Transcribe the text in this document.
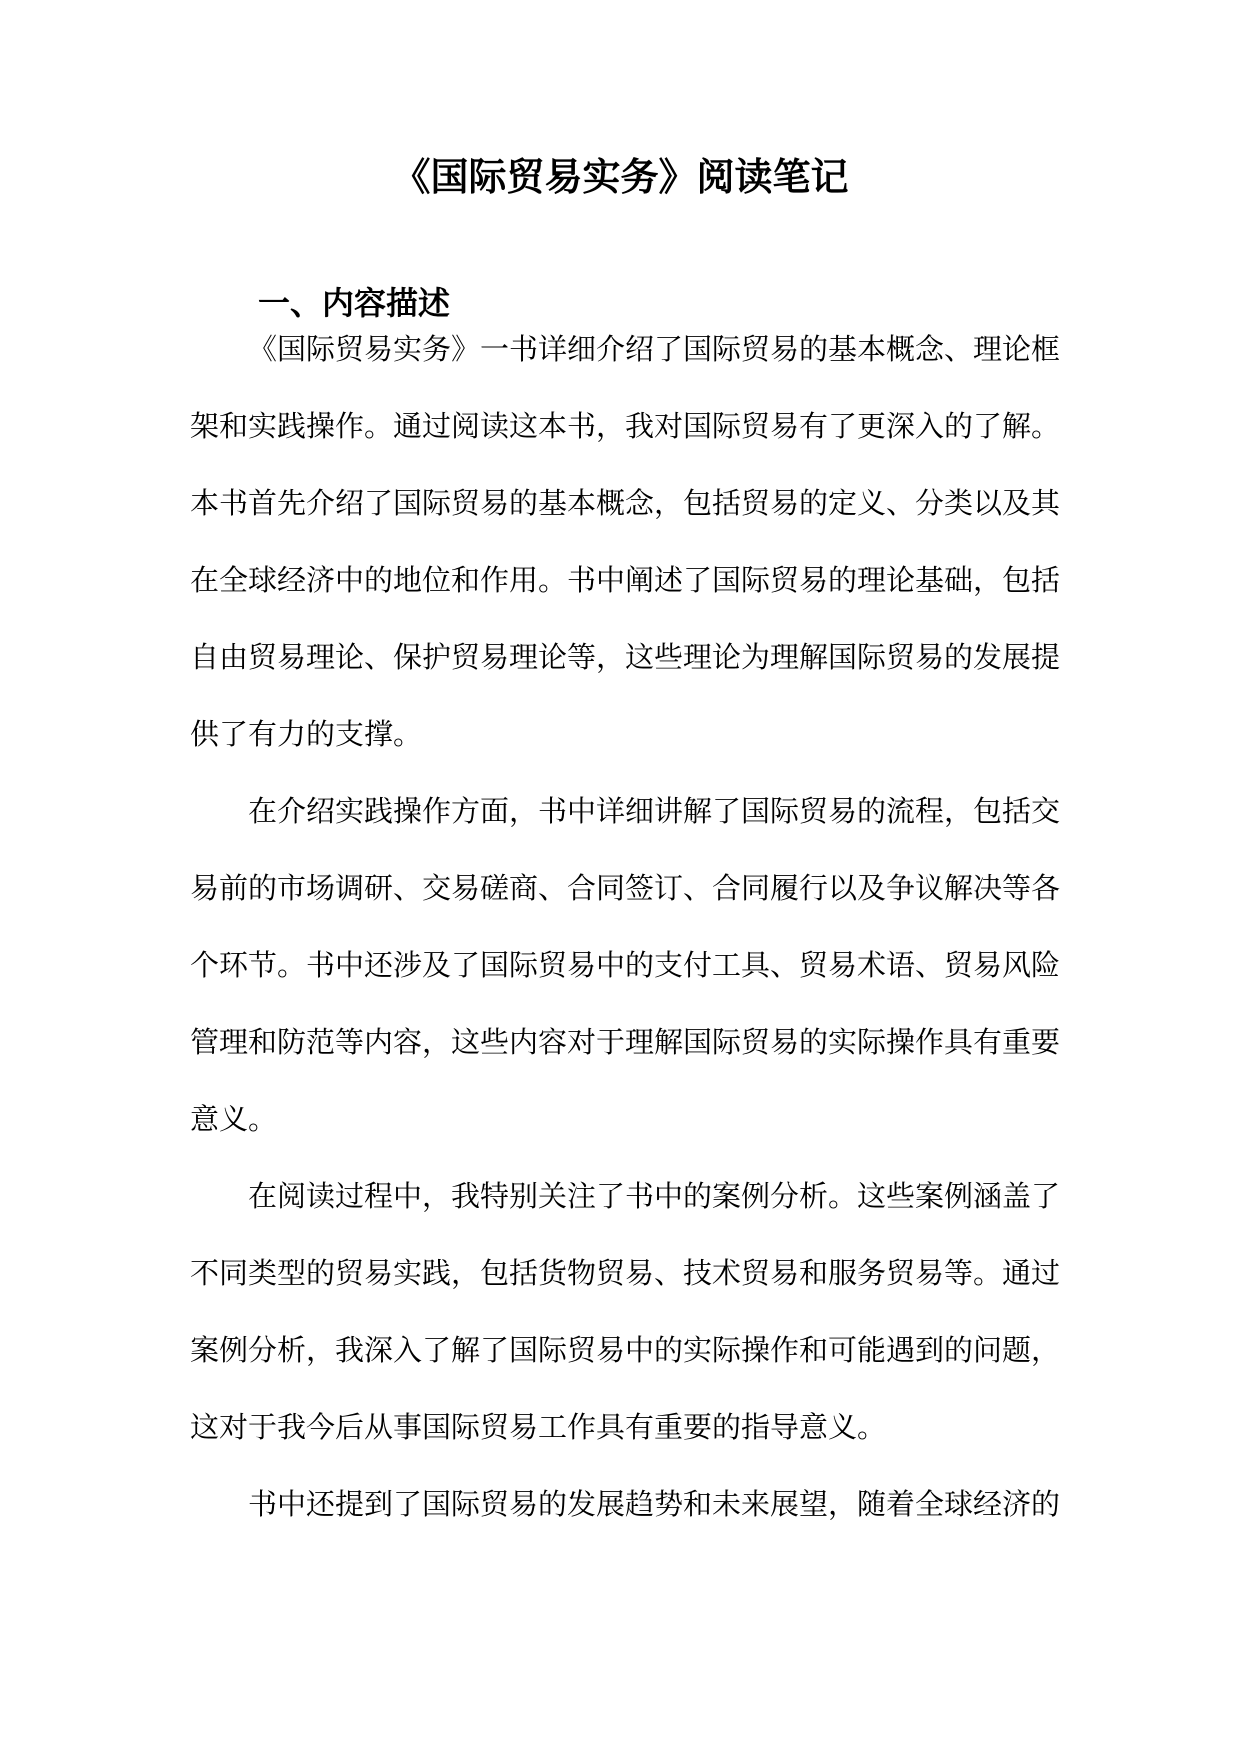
《国际贸易实务》阅读笔记
一、内容描述
《国际贸易实务》一书详细介绍了国际贸易的基本概念、理论框
架和实践操作。通过阅读这本书，我对国际贸易有了更深入的了解。
本书首先介绍了国际贸易的基本概念，包括贸易的定义、分类以及其
在全球经济中的地位和作用。书中阐述了国际贸易的理论基础，包括
自由贸易理论、保护贸易理论等，这些理论为理解国际贸易的发展提
供了有力的支撑。
在介绍实践操作方面，书中详细讲解了国际贸易的流程，包括交
易前的市场调研、交易磋商、合同签订、合同履行以及争议解决等各
个环节。书中还涉及了国际贸易中的支付工具、贸易术语、贸易风险
管理和防范等内容，这些内容对于理解国际贸易的实际操作具有重要
意义。
在阅读过程中，我特别关注了书中的案例分析。这些案例涵盖了
不同类型的贸易实践，包括货物贸易、技术贸易和服务贸易等。通过
案例分析，我深入了解了国际贸易中的实际操作和可能遇到的问题，
这对于我今后从事国际贸易工作具有重要的指导意义。
书中还提到了国际贸易的发展趋势和未来展望，随着全球经济的
